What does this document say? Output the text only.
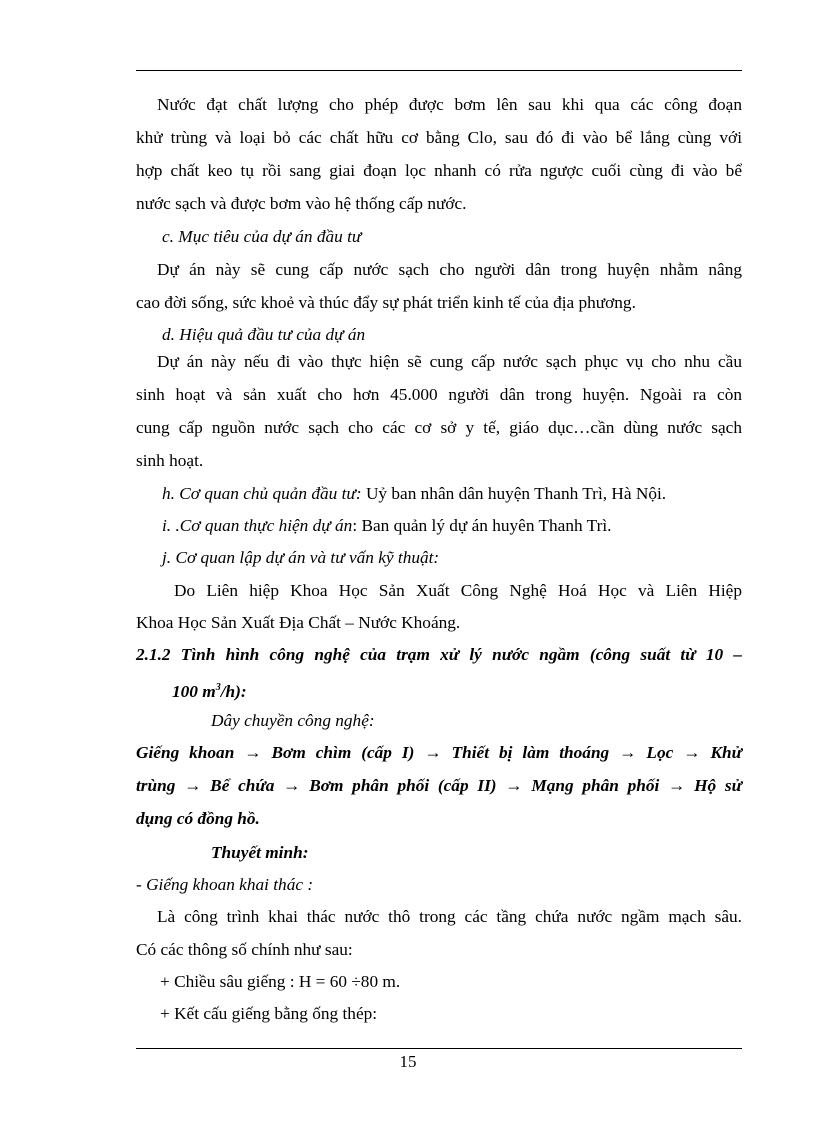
Nước đạt chất lượng cho phép được bơm lên sau khi qua các công đoạn
khử trùng và loại bỏ các chất hữu cơ bằng Clo, sau đó đi vào bể lắng cùng với
hợp chất keo tụ rồi sang giai đoạn lọc nhanh có rửa ngược cuối cùng đi vào bể
nước sạch và được bơm vào hệ thống cấp nước.
c. Mục tiêu của dự án đầu tư
Dự án này sẽ cung cấp nước sạch cho người dân trong huyện nhằm nâng
cao đời sống, sức khoẻ và thúc đẩy sự phát triển kinh tế của địa phương.
d. Hiệu quả đầu tư của dự án
Dự án này nếu đi vào thực hiện sẽ cung cấp nước sạch phục vụ cho nhu cầu
sinh hoạt và sản xuất cho hơn 45.000 người dân trong huyện. Ngoài ra còn
cung cấp nguồn nước sạch cho các cơ sở y tế, giáo dục…cần dùng nước sạch
sinh hoạt.
h. Cơ quan chủ quản đầu tư: Uỷ ban nhân dân huyện Thanh Trì, Hà Nội.
i. .Cơ quan thực hiện dự án: Ban quản lý dự án huyên Thanh Trì.
j. Cơ quan lập dự án và tư vấn kỹ thuật:
Do Liên hiệp Khoa Học Sản Xuất Công Nghệ Hoá Học và Liên Hiệp
Khoa Học Sản Xuất Địa Chất – Nước Khoáng.
2.1.2 Tình hình công nghệ của trạm xử lý nước ngầm (công suất từ 10 –
100 $m^3/h$):
Dây chuyền công nghệ:
Giếng khoan → Bơm chìm (cấp I) → Thiết bị làm thoáng → Lọc → Khử
trùng → Bể chứa → Bơm phân phối (cấp II) → Mạng phân phối → Hộ sử
dụng có đồng hồ.
Thuyết minh:
- Giếng khoan khai thác :
Là công trình khai thác nước thô trong các tầng chứa nước ngầm mạch sâu.
Có các thông số chính như sau:
+ Chiều sâu giếng : H = 60 ÷80 m.
+ Kết cấu giếng bằng ống thép:
15
